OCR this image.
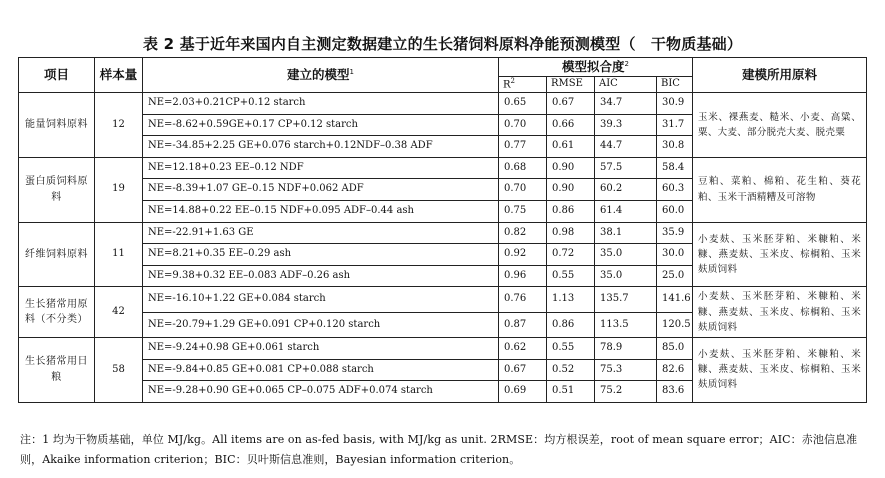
表 2 基于近年来国内自主测定数据建立的生长猪饲料原料净能预测模型（　干物质基础）
项目	样本量	建立的模型$^1$	模型拟合度$^2$				建模所用原料
			$R^2$	RMSE	AIC	BIC	
能量饲料原料	12	NE=2.03+0.21CP+0.12 starch	0.65	0.67	34.7	30.9	玉米、裸燕麦、糙米、小麦、高粱、粟、大麦、部分脱壳大麦、脱壳粟
		NE=-8.62+0.59GE+0.17 CP+0.12 starch	0.70	0.66	39.3	31.7	
		NE=-34.85+2.25 GE+0.076 starch+0.12NDF–0.38 ADF	0.77	0.61	44.7	30.8	
蛋白质饲料原料	19	NE=12.18+0.23 EE–0.12 NDF	0.68	0.90	57.5	58.4	豆粕、菜粕、棉粕、花生粕、葵花粕、玉米干酒精糟及可溶物
		NE=-8.39+1.07 GE–0.15 NDF+0.062 ADF	0.70	0.90	60.2	60.3	
		NE=14.88+0.22 EE–0.15 NDF+0.095 ADF–0.44 ash	0.75	0.86	61.4	60.0	
纤维饲料原料	11	NE=-22.91+1.63 GE	0.82	0.98	38.1	35.9	小麦麸、玉米胚芽粕、米糠粕、米糠、燕麦麸、玉米皮、棕榈粕、玉米麸质饲料
		NE=8.21+0.35 EE–0.29 ash	0.92	0.72	35.0	30.0	
		NE=9.38+0.32 EE–0.083 ADF–0.26 ash	0.96	0.55	35.0	25.0	
生长猪常用原料（不分类）	42	NE=-16.10+1.22 GE+0.084 starch	0.76	1.13	135.7	141.6	小麦麸、玉米胚芽粕、米糠粕、米糠、燕麦麸、玉米皮、棕榈粕、玉米麸质饲料
		NE=-20.79+1.29 GE+0.091 CP+0.120 starch	0.87	0.86	113.5	120.5	
生长猪常用日粮	58	NE=-9.24+0.98 GE+0.061 starch	0.62	0.55	78.9	85.0	小麦麸、玉米胚芽粕、米糠粕、米糠、燕麦麸、玉米皮、棕榈粕、玉米麸质饲料
		NE=-9.84+0.85 GE+0.081 CP+0.088 starch	0.67	0.52	75.3	82.6	
		NE=-9.28+0.90 GE+0.065 CP–0.075 ADF+0.074 starch	0.69	0.51	75.2	83.6	
注：1 均为干物质基础，单位 MJ/kg。All items are on as-fed basis, with MJ/kg as unit. 2RMSE：均方根误差，root of mean square error；AIC：赤池信息准则，Akaike information criterion；BIC：贝叶斯信息准则，Bayesian information criterion。
